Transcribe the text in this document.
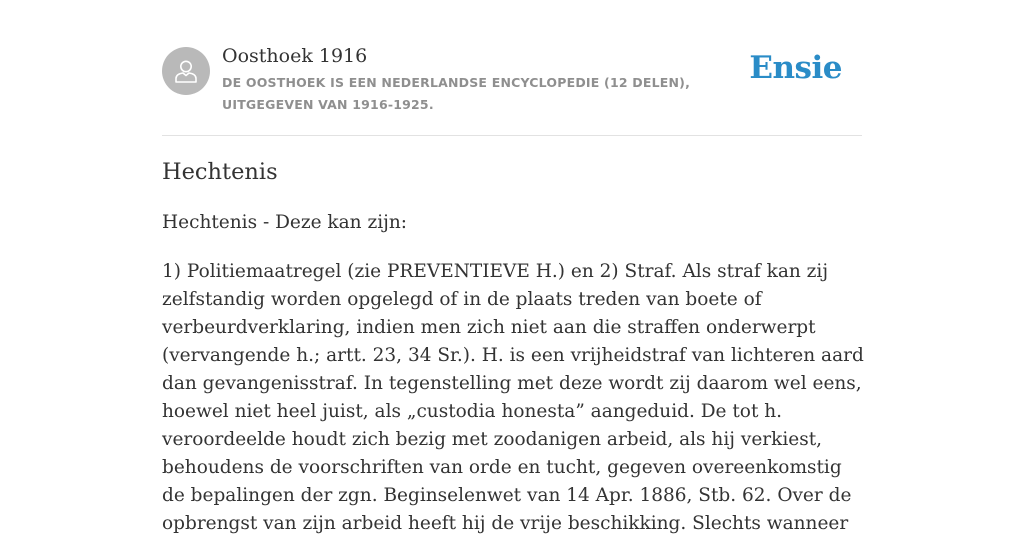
Oosthoek 1916
DE OOSTHOEK IS EEN NEDERLANDSE ENCYCLOPEDIE (12 DELEN), UITGEGEVEN VAN 1916-1925.
Ensie
Hechtenis

Hechtenis - Deze kan zijn:

1) Politiemaatregel (zie PREVENTIEVE H.) en 2) Straf. Als straf kan zij zelfstandig worden opgelegd of in de plaats treden van boete of verbeurdverklaring, indien men zich niet aan die straffen onderwerpt (vervangende h.; artt. 23, 34 Sr.). H. is een vrijheidstraf van lichteren aard dan gevangenisstraf. In tegenstelling met deze wordt zij daarom wel eens, hoewel niet heel juist, als „custodia honesta” aangeduid. De tot h. veroordeelde houdt zich bezig met zoodanigen arbeid, als hij verkiest, behoudens de voorschriften van orde en tucht, gegeven overeenkomstig de bepalingen der zgn. Beginselenwet van 14 Apr. 1886, Stb. 62. Over de opbrengst van zijn arbeid heeft hij de vrije beschikking. Slechts wanneer
